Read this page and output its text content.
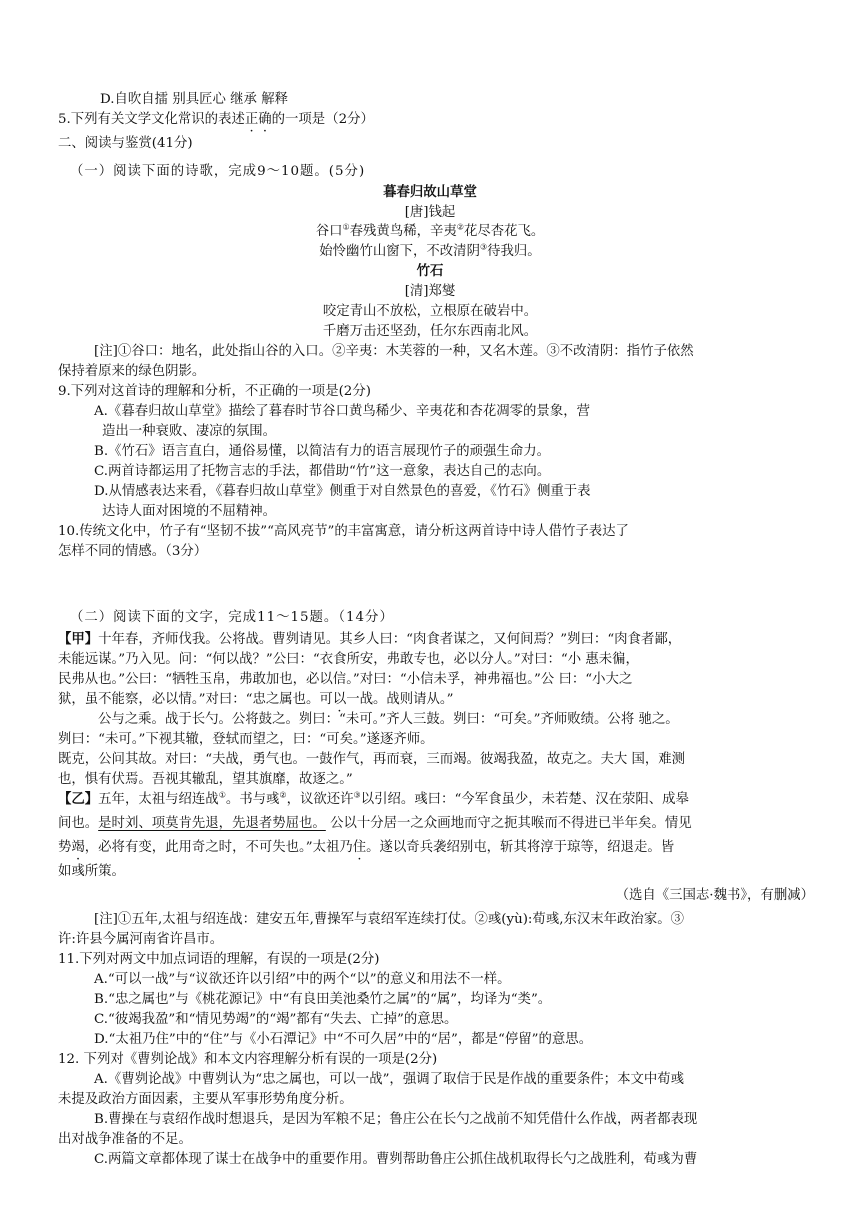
D.自吹自擂 别具匠心 继承 解释
5.下列有关文学文化常识的表述正确的一项是（2分）
二、阅读与鉴赏(41分)
（一）阅读下面的诗歌，完成9～10题。(5分)
暮春归故山草堂
[唐]钱起
谷口①春残黄鸟稀，辛夷②花尽杏花飞。
始怜幽竹山窗下，不改清阴③待我归。
竹石
[清]郑燮
咬定青山不放松，立根原在破岩中。
千磨万击还坚劲，任尔东西南北风。
[注]①谷口：地名，此处指山谷的入口。②辛夷：木芙蓉的一种，又名木莲。③不改清阴：指竹子依然
保持着原来的绿色阴影。
9.下列对这首诗的理解和分析，不正确的一项是(2分)
A.《暮春归故山草堂》描绘了暮春时节谷口黄鸟稀少、辛夷花和杏花凋零的景象，营
造出一种衰败、凄凉的氛围。
B.《竹石》语言直白，通俗易懂，以简洁有力的语言展现竹子的顽强生命力。
C.两首诗都运用了托物言志的手法，都借助“竹”这一意象，表达自己的志向。
D.从情感表达来看，《暮春归故山草堂》侧重于对自然景色的喜爱，《竹石》侧重于表
达诗人面对困境的不屈精神。
10.传统文化中，竹子有“坚韧不拔”“高风亮节”的丰富寓意，请分析这两首诗中诗人借竹子表达了
怎样不同的情感。（3分）
（二）阅读下面的文字，完成11～15题。（14分）
【甲】十年春，齐师伐我。公将战。曹刿请见。其乡人曰：“肉食者谋之，又何间焉？”刿曰：“肉食者鄙，
未能远谋。”乃入见。问：“何以战？”公曰：“衣食所安，弗敢专也，必以分人。”对曰：“小 惠未徧，
民弗从也。”公曰：“牺牲玉帛，弗敢加也，必以信。”对曰：“小信未孚，神弗福也。”公 曰：“小大之
狱，虽不能察，必以情。”对曰：“忠之属也。可以一战。战则请从。”
公与之乘。战于长勺。公将鼓之。刿曰：“未可。”齐人三鼓。刿曰：“可矣。”齐师败绩。公将 驰之。
刿曰：“未可。”下视其辙，登轼而望之，曰：“可矣。”遂逐齐师。
既克，公问其故。对曰：“夫战，勇气也。一鼓作气，再而衰，三而竭。彼竭我盈，故克之。夫大 国，难测
也，惧有伏焉。吾视其辙乱，望其旗靡，故逐之。”
【乙】五年，太祖与绍连战①。书与彧②，议欲还许③以引绍。彧曰：“今军食虽少，未若楚、汉在荥阳、成皋
间也。是时刘、项莫肯先退，先退者势屈也。 公以十分居一之众画地而守之扼其喉而不得进已半年矣。情见
势竭，必将有变，此用奇之时，不可失也。”太祖乃住。遂以奇兵袭绍别屯，斩其将淳于琼等，绍退走。皆
如彧所策。
（选自《三国志·魏书》，有删减）
[注]①五年,太祖与绍连战：建安五年,曹操军与袁绍军连续打仗。②彧(yù):荀彧,东汉末年政治家。③
许:许县今属河南省许昌市。
11.下列对两文中加点词语的理解，有误的一项是(2分)
A.“可以一战”与“议欲还许以引绍”中的两个“以”的意义和用法不一样。
B.“忠之属也”与《桃花源记》中“有良田美池桑竹之属”的“属”，均译为“类”。
C.“彼竭我盈”和“情见势竭”的“竭”都有“失去、亡掉”的意思。
D.“太祖乃住”中的“住”与《小石潭记》中“不可久居”中的“居”，都是“停留”的意思。
12. 下列对《曹刿论战》和本文内容理解分析有误的一项是(2分)
A.《曹刿论战》中曹刿认为“忠之属也，可以一战”，强调了取信于民是作战的重要条件；本文中荀彧
未提及政治方面因素，主要从军事形势角度分析。
B.曹操在与袁绍作战时想退兵，是因为军粮不足；鲁庄公在长勺之战前不知凭借什么作战，两者都表现
出对战争准备的不足。
C.两篇文章都体现了谋士在战争中的重要作用。曹刿帮助鲁庄公抓住战机取得长勺之战胜利，荀彧为曹
